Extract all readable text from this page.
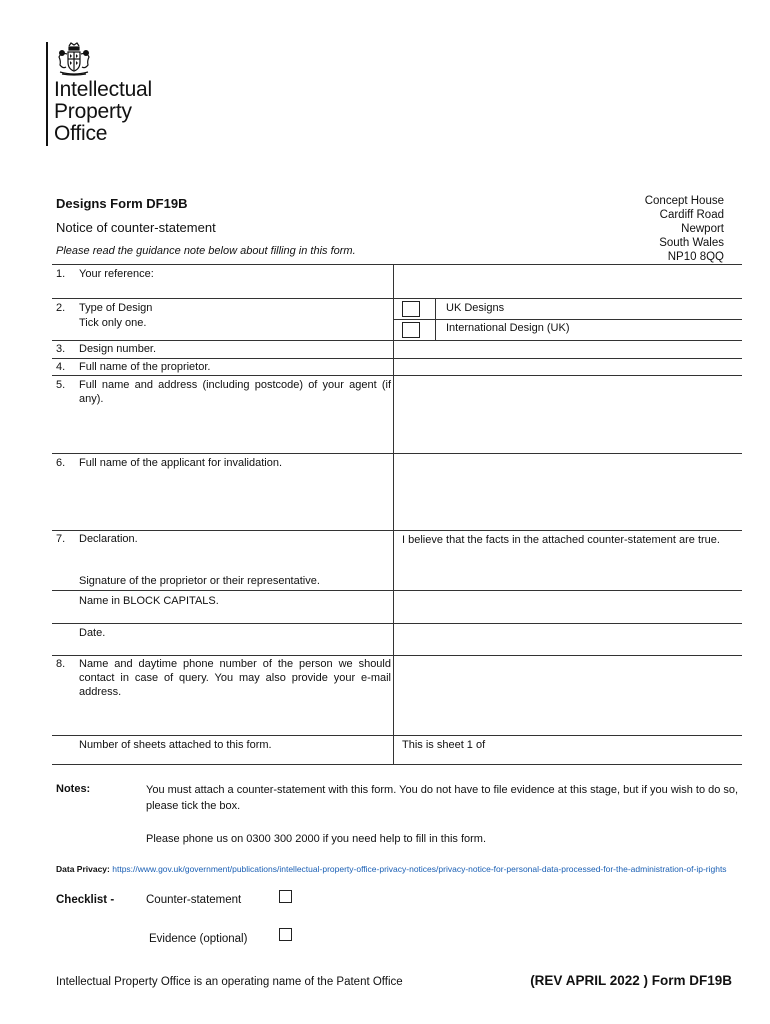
Intellectual
Property
Office
Designs Form DF19B
Notice of counter-statement
Please read the guidance note below about filling in this form.
Concept House
Cardiff Road
Newport
South Wales
NP10 8QQ
1. Your reference:
2. Type of Design
Tick only one.
UK Designs
International Design (UK)
3. Design number.
4. Full name of the proprietor.
5. Full name and address (including postcode) of your agent (if any).
6. Full name of the applicant for invalidation.
7. Declaration.	I believe that the facts in the attached counter-statement are true.
Signature of the proprietor or their representative.
Name in BLOCK CAPITALS.
Date.
8. Name and daytime phone number of the person we should contact in case of query. You may also provide your e-mail address.
Number of sheets attached to this form.	This is sheet 1 of
Notes:	You must attach a counter-statement with this form. You do not have to file evidence at this stage, but if you wish to do so, please tick the box.
Please phone us on 0300 300 2000 if you need help to fill in this form.
Data Privacy: https://www.gov.uk/government/publications/intellectual-property-office-privacy-notices/privacy-notice-for-personal-data-processed-for-the-administration-of-ip-rights
Checklist -	Counter-statement
Evidence (optional)
Intellectual Property Office is an operating name of the Patent Office	(REV APRIL 2022 ) Form DF19B
